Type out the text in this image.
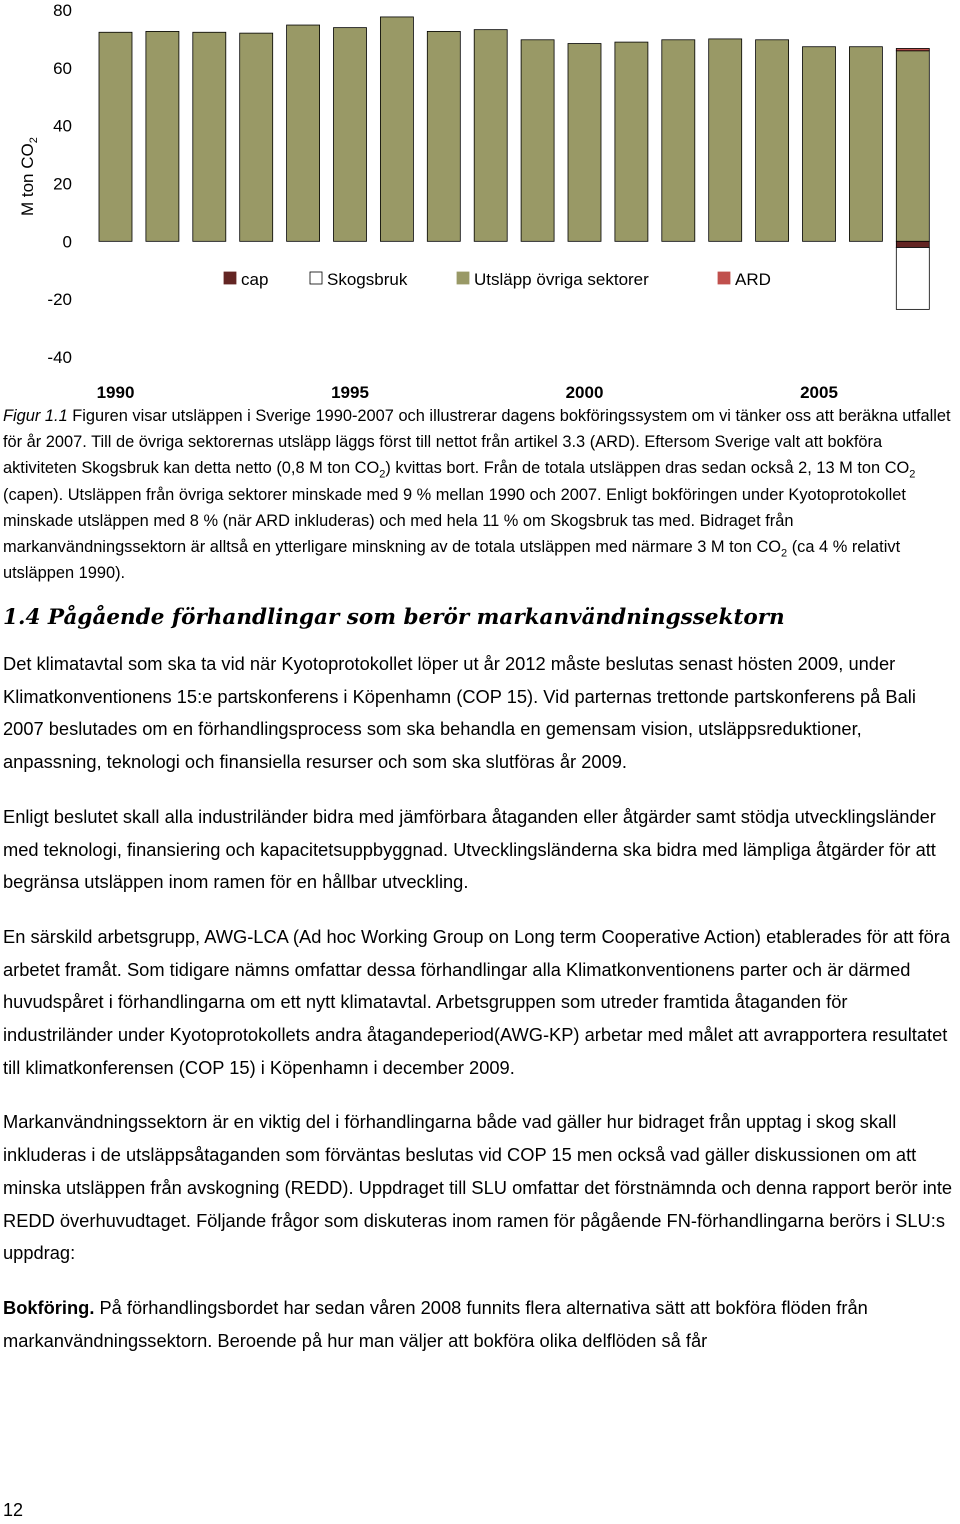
M ton $CO_2$
80
60
40
20
0
-20
-40
1990	1995	2000	2005
cap	Skogsbruk	Utsläpp övriga sektorer	ARD

Figur 1.1 Figuren visar utsläppen i Sverige 1990-2007 och illustrerar dagens bokföringssystem om vi tänker oss att beräkna utfallet för år 2007. Till de övriga sektorernas utsläpp läggs först till nettot från artikel 3.3 (ARD). Eftersom Sverige valt att bokföra aktiviteten Skogsbruk kan detta netto (0,8 M ton $CO_2$) kvittas bort. Från de totala utsläppen dras sedan också 2, 13 M ton $CO_2$ (capen). Utsläppen från övriga sektorer minskade med 9 % mellan 1990 och 2007. Enligt bokföringen under Kyotoprotokollet minskade utsläppen med 8 % (när ARD inkluderas) och med hela 11 % om Skogsbruk tas med. Bidraget från markanvändningssektorn är alltså en ytterligare minskning av de totala utsläppen med närmare 3 M ton $CO_2$ (ca 4 % relativt utsläppen 1990).

1.4 Pågående förhandlingar som berör markanvändningssektorn

Det klimatavtal som ska ta vid när Kyotoprotokollet löper ut år 2012 måste beslutas senast hösten 2009, under Klimatkonventionens 15:e partskonferens i Köpenhamn (COP 15). Vid parternas trettonde partskonferens på Bali 2007 beslutades om en förhandlingsprocess som ska behandla en gemensam vision, utsläppsreduktioner, anpassning, teknologi och finansiella resurser och som ska slutföras år 2009.

Enligt beslutet skall alla industriländer bidra med jämförbara åtaganden eller åtgärder samt stödja utvecklingsländer med teknologi, finansiering och kapacitetsuppbyggnad. Utvecklingsländerna ska bidra med lämpliga åtgärder för att begränsa utsläppen inom ramen för en hållbar utveckling.

En särskild arbetsgrupp, AWG-LCA (Ad hoc Working Group on Long term Cooperative Action) etablerades för att föra arbetet framåt. Som tidigare nämns omfattar dessa förhandlingar alla Klimatkonventionens parter och är därmed huvudspåret i förhandlingarna om ett nytt klimatavtal. Arbetsgruppen som utreder framtida åtaganden för industriländer under Kyotoprotokollets andra åtagandeperiod(AWG-KP) arbetar med målet att avrapportera resultatet till klimatkonferensen (COP 15) i Köpenhamn i december 2009.

Markanvändningssektorn är en viktig del i förhandlingarna både vad gäller hur bidraget från upptag i skog skall inkluderas i de utsläppsåtaganden som förväntas beslutas vid COP 15 men också vad gäller diskussionen om att minska utsläppen från avskogning (REDD). Uppdraget till SLU omfattar det förstnämnda och denna rapport berör inte REDD överhuvudtaget. Följande frågor som diskuteras inom ramen för pågående FN-förhandlingarna berörs i SLU:s uppdrag:

Bokföring. På förhandlingsbordet har sedan våren 2008 funnits flera alternativa sätt att bokföra flöden från markanvändningssektorn. Beroende på hur man väljer att bokföra olika delflöden så får

12
